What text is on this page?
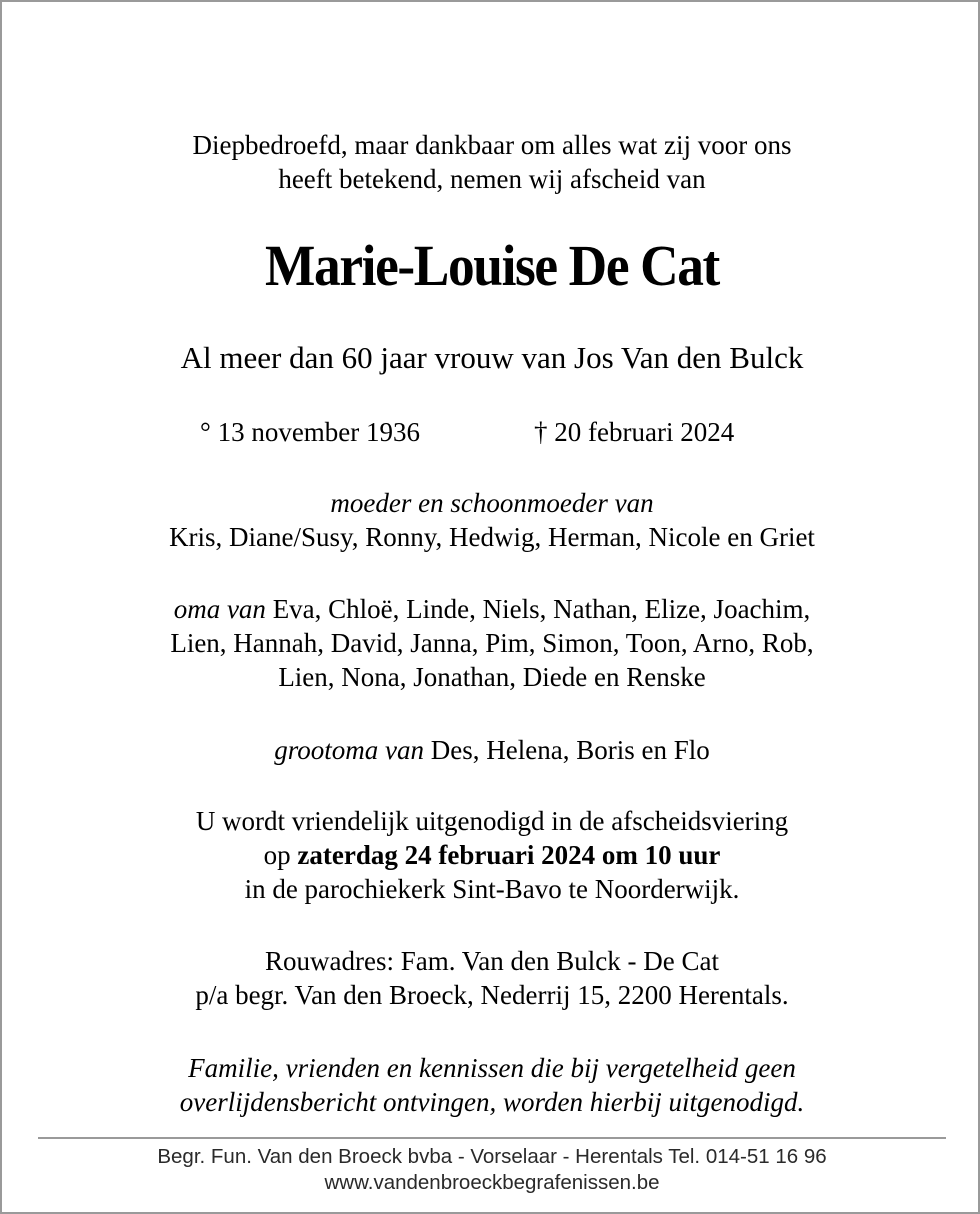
Diepbedroefd, maar dankbaar om alles wat zij voor ons
heeft betekend, nemen wij afscheid van
Marie-Louise De Cat
Al meer dan 60 jaar vrouw van Jos Van den Bulck
° 13 november 1936	† 20 februari 2024
moeder en schoonmoeder van
Kris, Diane/Susy, Ronny, Hedwig, Herman, Nicole en Griet
oma van Eva, Chloë, Linde, Niels, Nathan, Elize, Joachim,
Lien, Hannah, David, Janna, Pim, Simon, Toon, Arno, Rob,
Lien, Nona, Jonathan, Diede en Renske
grootoma van Des, Helena, Boris en Flo
U wordt vriendelijk uitgenodigd in de afscheidsviering
op zaterdag 24 februari 2024 om 10 uur
in de parochiekerk Sint-Bavo te Noorderwijk.
Rouwadres: Fam. Van den Bulck - De Cat
p/a begr. Van den Broeck, Nederrij 15, 2200 Herentals.
Familie, vrienden en kennissen die bij vergetelheid geen
overlijdensbericht ontvingen, worden hierbij uitgenodigd.
Begr. Fun. Van den Broeck bvba - Vorselaar - Herentals Tel. 014-51 16 96
www.vandenbroeckbegrafenissen.be
